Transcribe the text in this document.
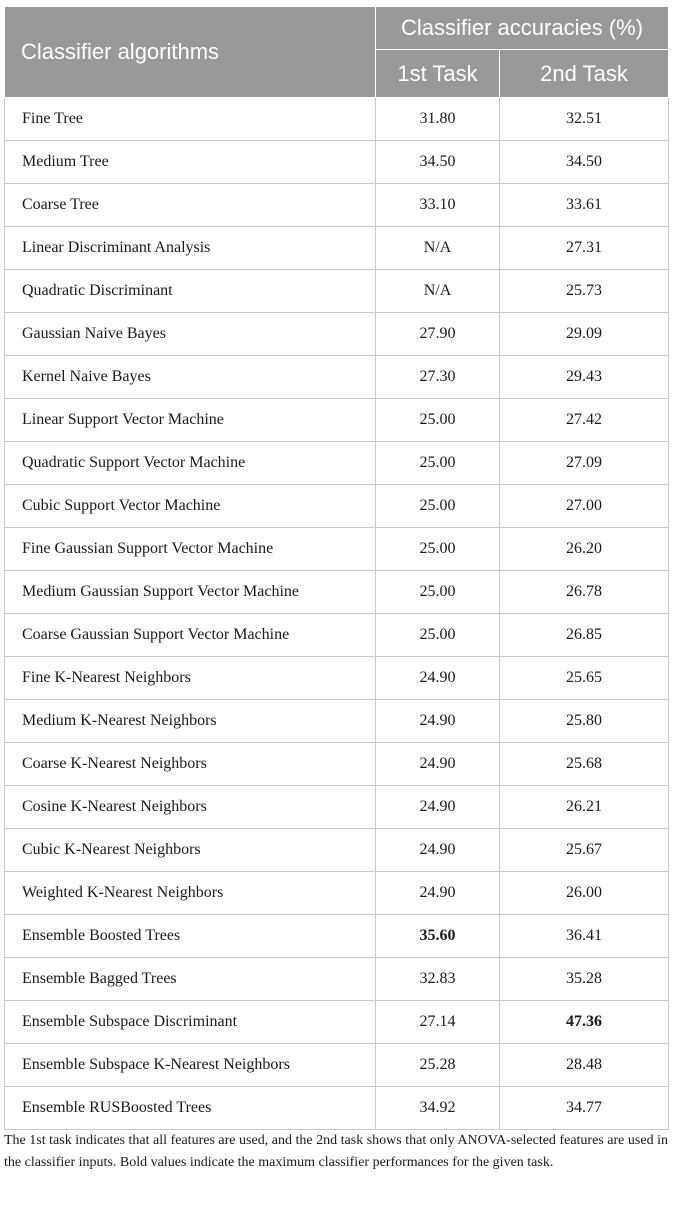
Classifier algorithms	Classifier accuracies (%)	
	1st Task	2nd Task
Fine Tree	31.80	32.51
Medium Tree	34.50	34.50
Coarse Tree	33.10	33.61
Linear Discriminant Analysis	N/A	27.31
Quadratic Discriminant	N/A	25.73
Gaussian Naive Bayes	27.90	29.09
Kernel Naive Bayes	27.30	29.43
Linear Support Vector Machine	25.00	27.42
Quadratic Support Vector Machine	25.00	27.09
Cubic Support Vector Machine	25.00	27.00
Fine Gaussian Support Vector Machine	25.00	26.20
Medium Gaussian Support Vector Machine	25.00	26.78
Coarse Gaussian Support Vector Machine	25.00	26.85
Fine K-Nearest Neighbors	24.90	25.65
Medium K-Nearest Neighbors	24.90	25.80
Coarse K-Nearest Neighbors	24.90	25.68
Cosine K-Nearest Neighbors	24.90	26.21
Cubic K-Nearest Neighbors	24.90	25.67
Weighted K-Nearest Neighbors	24.90	26.00
Ensemble Boosted Trees	35.60	36.41
Ensemble Bagged Trees	32.83	35.28
Ensemble Subspace Discriminant	27.14	47.36
Ensemble Subspace K-Nearest Neighbors	25.28	28.48
Ensemble RUSBoosted Trees	34.92	34.77

The 1st task indicates that all features are used, and the 2nd task shows that only ANOVA-selected features are used in the classifier inputs. Bold values indicate the maximum classifier performances for the given task.
